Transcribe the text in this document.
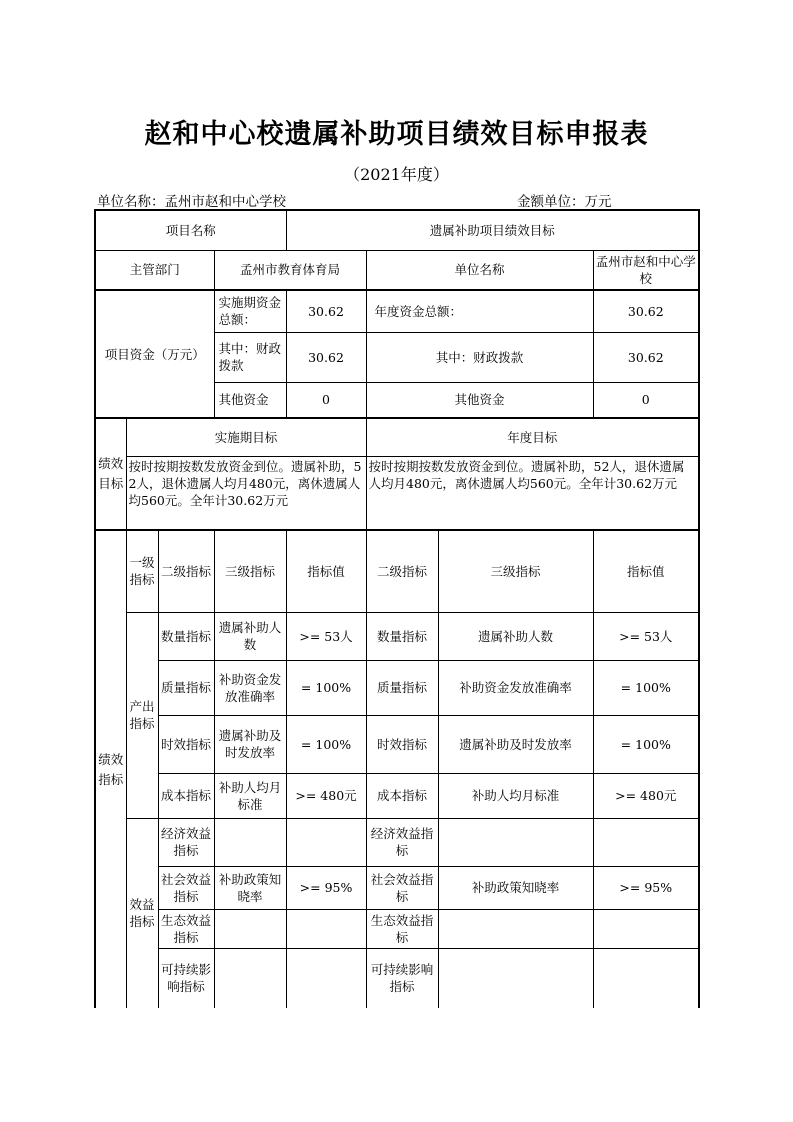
赵和中心校遗属补助项目绩效目标申报表
（2021年度）
单位名称：孟州市赵和中心学校	金额单位：万元
项目名称				遗属补助项目绩效目标			
主管部门			孟州市教育体育局		单位名称		孟州市赵和中心学校
项目资金（万元）			实施期资金总额：	30.62	年度资金总额：		30.62
			其中：财政拨款	30.62	其中：财政拨款		30.62
			其他资金	0	其他资金		0
绩效目标	实施期目标				年度目标		
	按时按期按数发放资金到位。遗属补助，52人，退休遗属人均月480元，离休遗属人均560元。全年计30.62万元				按时按期按数发放资金到位。遗属补助，52人，退休遗属人均月480元，离休遗属人均560元。全年计30.62万元		
绩效指标	一级指标	二级指标	三级指标	指标值	二级指标	三级指标	指标值
	产出指标	数量指标	遗属补助人数	>= 53人	数量指标	遗属补助人数	>= 53人
		质量指标	补助资金发放准确率	= 100%	质量指标	补助资金发放准确率	= 100%
		时效指标	遗属补助及时发放率	= 100%	时效指标	遗属补助及时发放率	= 100%
		成本指标	补助人均月标准	>= 480元	成本指标	补助人均月标准	>= 480元
	效益指标	经济效益指标			经济效益指标		
		社会效益指标	补助政策知晓率	>= 95%	社会效益指标	补助政策知晓率	>= 95%
		生态效益指标			生态效益指标		
		可持续影响指标			可持续影响指标		
